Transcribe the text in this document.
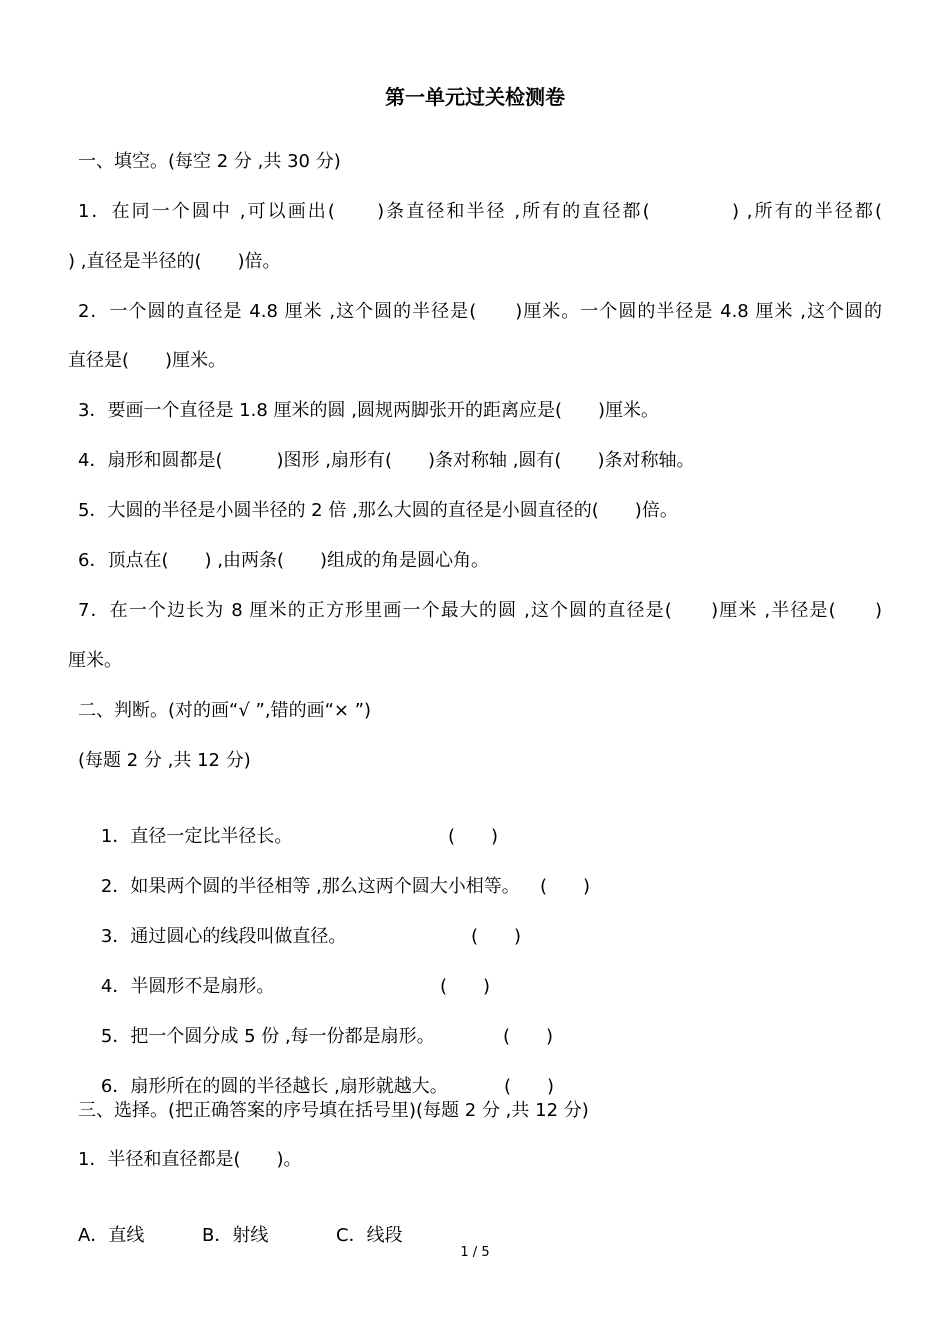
第一单元过关检测卷
一、填空。(每空 2 分 ,共 30 分)
1．在同一个圆中 ,可以画出(　　)条直径和半径 ,所有的直径都(　　　　) ,所有的半径都(
) ,直径是半径的(　　)倍。
2．一个圆的直径是 4.8 厘米 ,这个圆的半径是(　　)厘米。一个圆的半径是 4.8 厘米 ,这个圆的
直径是(　　)厘米。
3．要画一个直径是 1.8 厘米的圆 ,圆规两脚张开的距离应是(　　)厘米。
4．扇形和圆都是(　　　)图形 ,扇形有(　　)条对称轴 ,圆有(　　)条对称轴。
5．大圆的半径是小圆半径的 2 倍 ,那么大圆的直径是小圆直径的(　　)倍。
6．顶点在(　　) ,由两条(　　)组成的角是圆心角。
7．在一个边长为 8 厘米的正方形里画一个最大的圆 ,这个圆的直径是(　　)厘米 ,半径是(　　)
厘米。
二、判断。(对的画“√ ”,错的画“× ”)
(每题 2 分 ,共 12 分)

1．直径一定比半径长。	(　　)

2．如果两个圆的半径相等 ,那么这两个圆大小相等。 (　　)

3．通过圆心的线段叫做直径。	(　　)

4．半圆形不是扇形。	(　　)

5．把一个圆分成 5 份 ,每一份都是扇形。	(　　)

6．扇形所在的圆的半径越长 ,扇形就越大。	(　　)

三、选择。(把正确答案的序号填在括号里)(每题 2 分 ,共 12 分)
1．半径和直径都是(　　)。

A．直线	B．射线	C．线段

1 / 5
